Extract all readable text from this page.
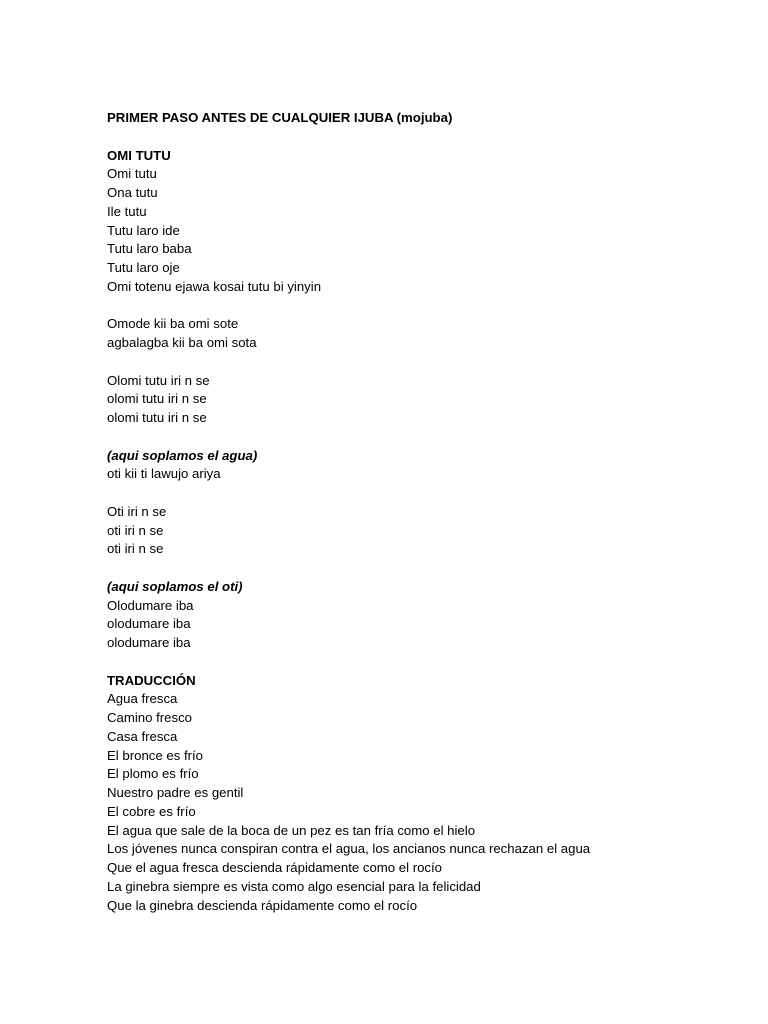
PRIMER PASO ANTES DE CUALQUIER IJUBA (mojuba)
OMI TUTU
Omi tutu
Ona tutu
Ile tutu
Tutu laro ide
Tutu laro baba
Tutu laro oje
Omi totenu ejawa kosai tutu bi yinyin
Omode kii ba omi sote
agbalagba kii ba omi sota
Olomi tutu iri n se
olomi tutu iri n se
olomi tutu iri n se
(aqui soplamos el agua)
oti kii ti lawujo ariya
Oti iri n se
oti iri n se
oti iri n se
(aqui soplamos el oti)
Olodumare iba
olodumare iba
olodumare iba
TRADUCCIÓN
Agua fresca
Camino fresco
Casa fresca
El bronce es frío
El plomo es frío
Nuestro padre es gentil
El cobre es frío
El agua que sale de la boca de un pez es tan fría como el hielo
Los jóvenes nunca conspiran contra el agua, los ancianos nunca rechazan el agua
Que el agua fresca descienda rápidamente como el rocío
La ginebra siempre es vista como algo esencial para la felicidad
Que la ginebra descienda rápidamente como el rocío
